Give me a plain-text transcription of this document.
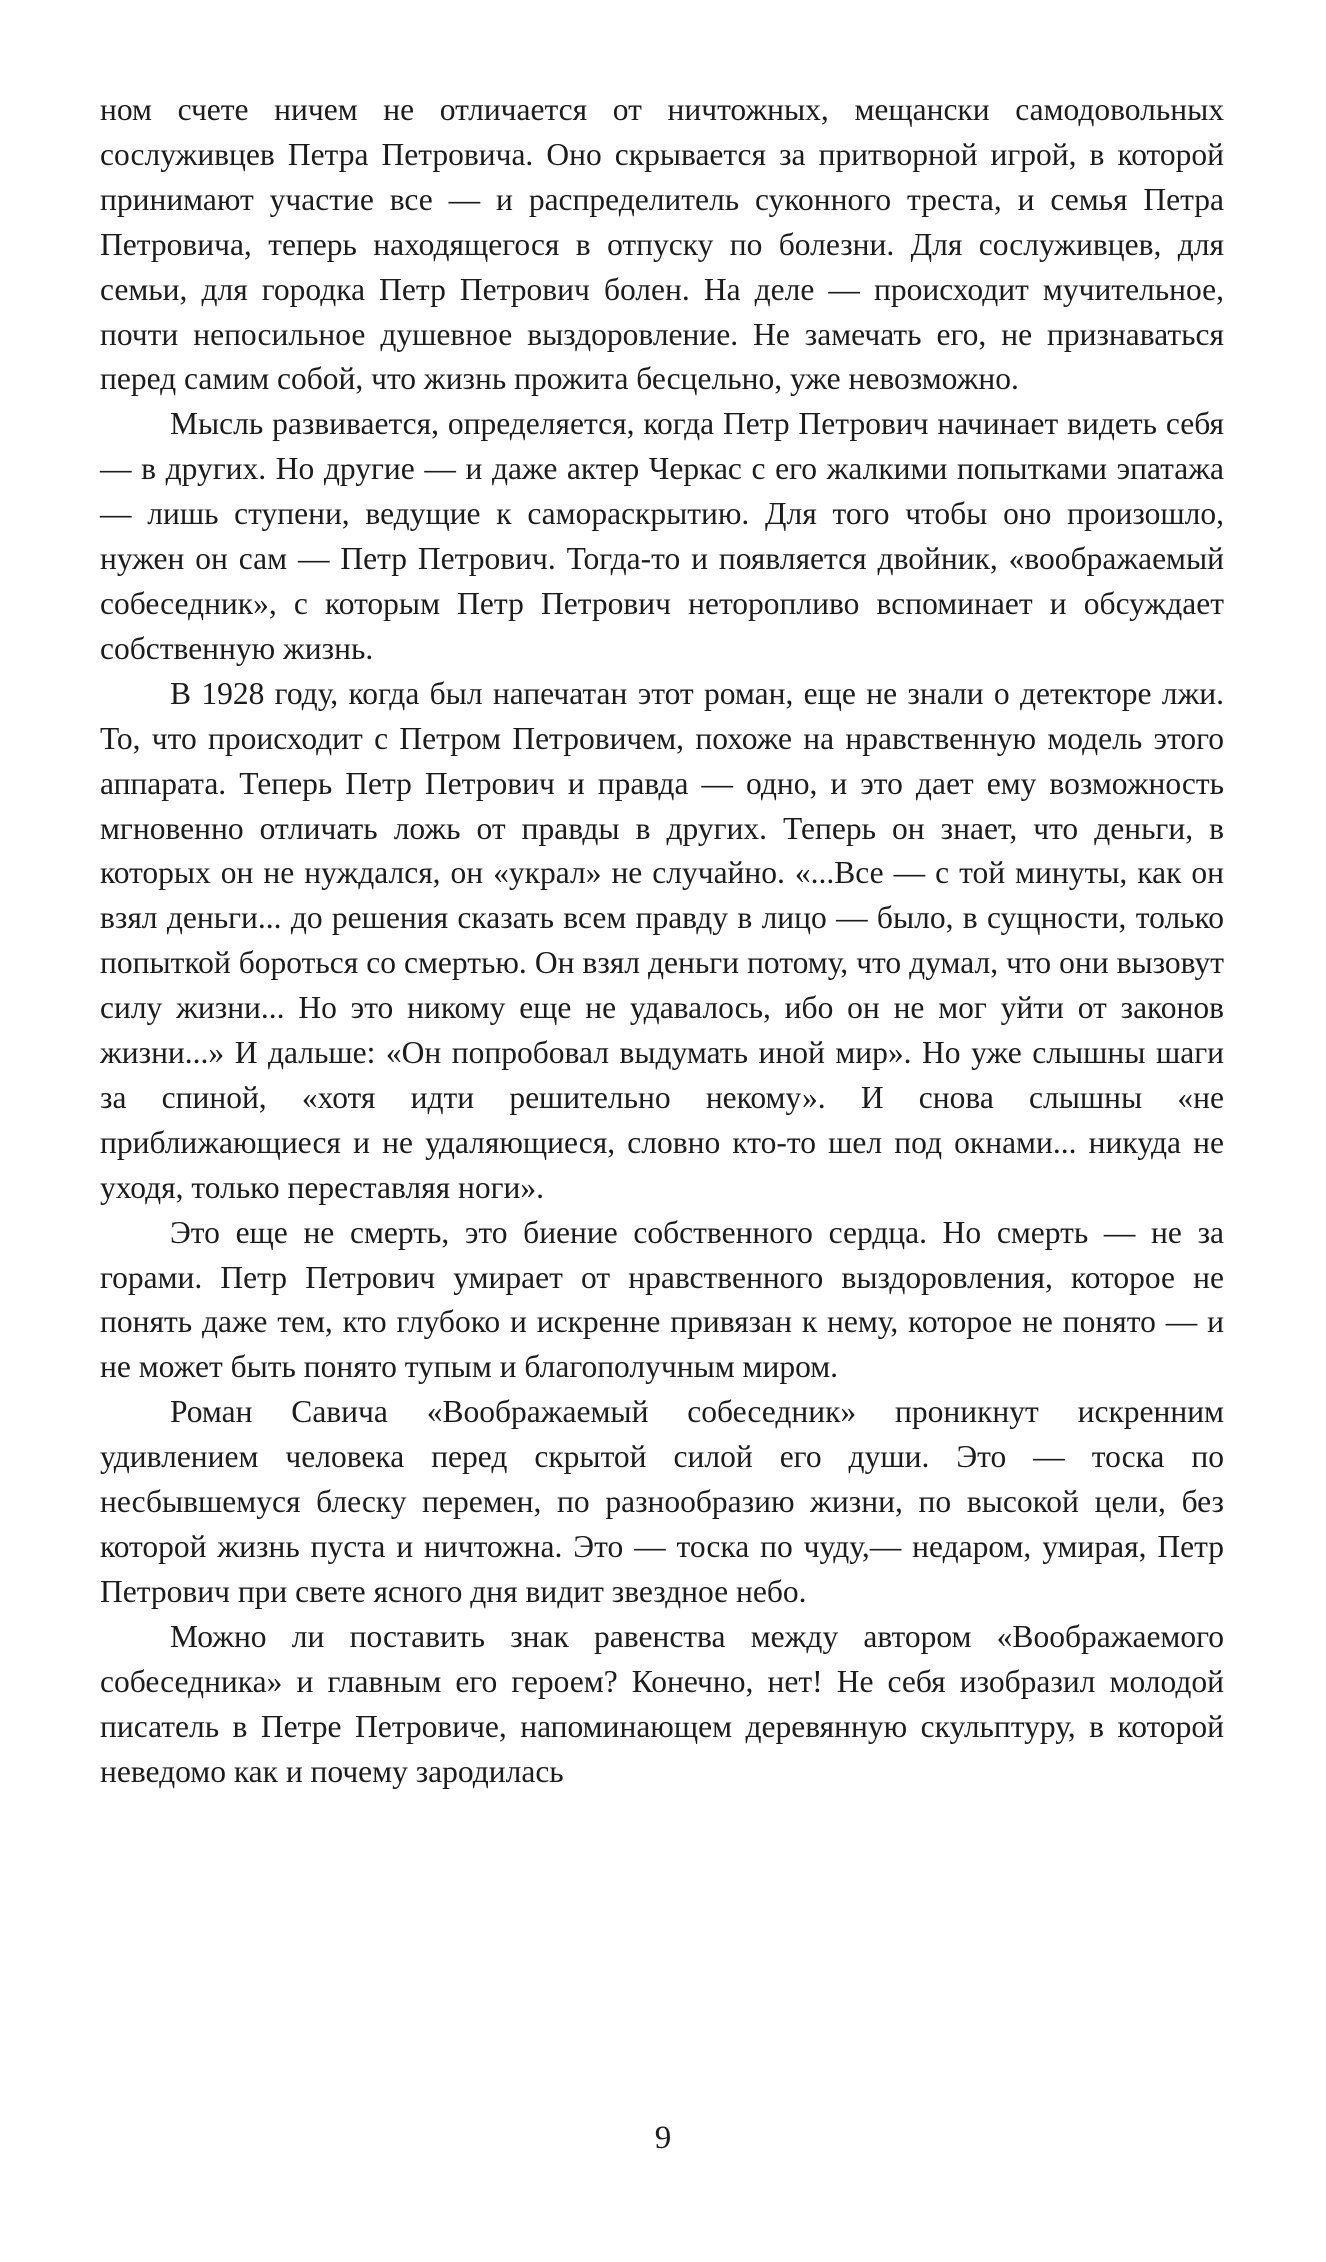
ном счете ничем не отличается от ничтожных, мещански самодовольных сослуживцев Петра Петровича. Оно скрывается за притворной игрой, в которой принимают участие все — и распределитель суконного треста, и семья Петра Петровича, теперь находящегося в отпуску по болезни. Для сослуживцев, для семьи, для городка Петр Петрович болен. На деле — происходит мучительное, почти непосильное душевное выздоровление. Не замечать его, не признаваться перед самим собой, что жизнь прожита бесцельно, уже невозможно.

Мысль развивается, определяется, когда Петр Петрович начинает видеть себя — в других. Но другие — и даже актер Черкас с его жалкими попытками эпатажа — лишь ступени, ведущие к самораскрытию. Для того чтобы оно произошло, нужен он сам — Петр Петрович. Тогда-то и появляется двойник, «воображаемый собеседник», с которым Петр Петрович неторопливо вспоминает и обсуждает собственную жизнь.

В 1928 году, когда был напечатан этот роман, еще не знали о детекторе лжи. То, что происходит с Петром Петровичем, похоже на нравственную модель этого аппарата. Теперь Петр Петрович и правда — одно, и это дает ему возможность мгновенно отличать ложь от правды в других. Теперь он знает, что деньги, в которых он не нуждался, он «украл» не случайно. «...Все — с той минуты, как он взял деньги... до решения сказать всем правду в лицо — было, в сущности, только попыткой бороться со смертью. Он взял деньги потому, что думал, что они вызовут силу жизни... Но это никому еще не удавалось, ибо он не мог уйти от законов жизни...» И дальше: «Он попробовал выдумать иной мир». Но уже слышны шаги за спиной, «хотя идти решительно некому». И снова слышны «не приближающиеся и не удаляющиеся, словно кто-то шел под окнами... никуда не уходя, только переставляя ноги».

Это еще не смерть, это биение собственного сердца. Но смерть — не за горами. Петр Петрович умирает от нравственного выздоровления, которое не понять даже тем, кто глубоко и искренне привязан к нему, которое не понято — и не может быть понято тупым и благополучным миром.

Роман Савича «Воображаемый собеседник» проникнут искренним удивлением человека перед скрытой силой его души. Это — тоска по несбывшемуся блеску перемен, по разнообразию жизни, по высокой цели, без которой жизнь пуста и ничтожна. Это — тоска по чуду,— недаром, умирая, Петр Петрович при свете ясного дня видит звездное небо.

Можно ли поставить знак равенства между автором «Воображаемого собеседника» и главным его героем? Конечно, нет! Не себя изобразил молодой писатель в Петре Петровиче, напоминающем деревянную скульптуру, в которой неведомо как и почему зародилась

9
